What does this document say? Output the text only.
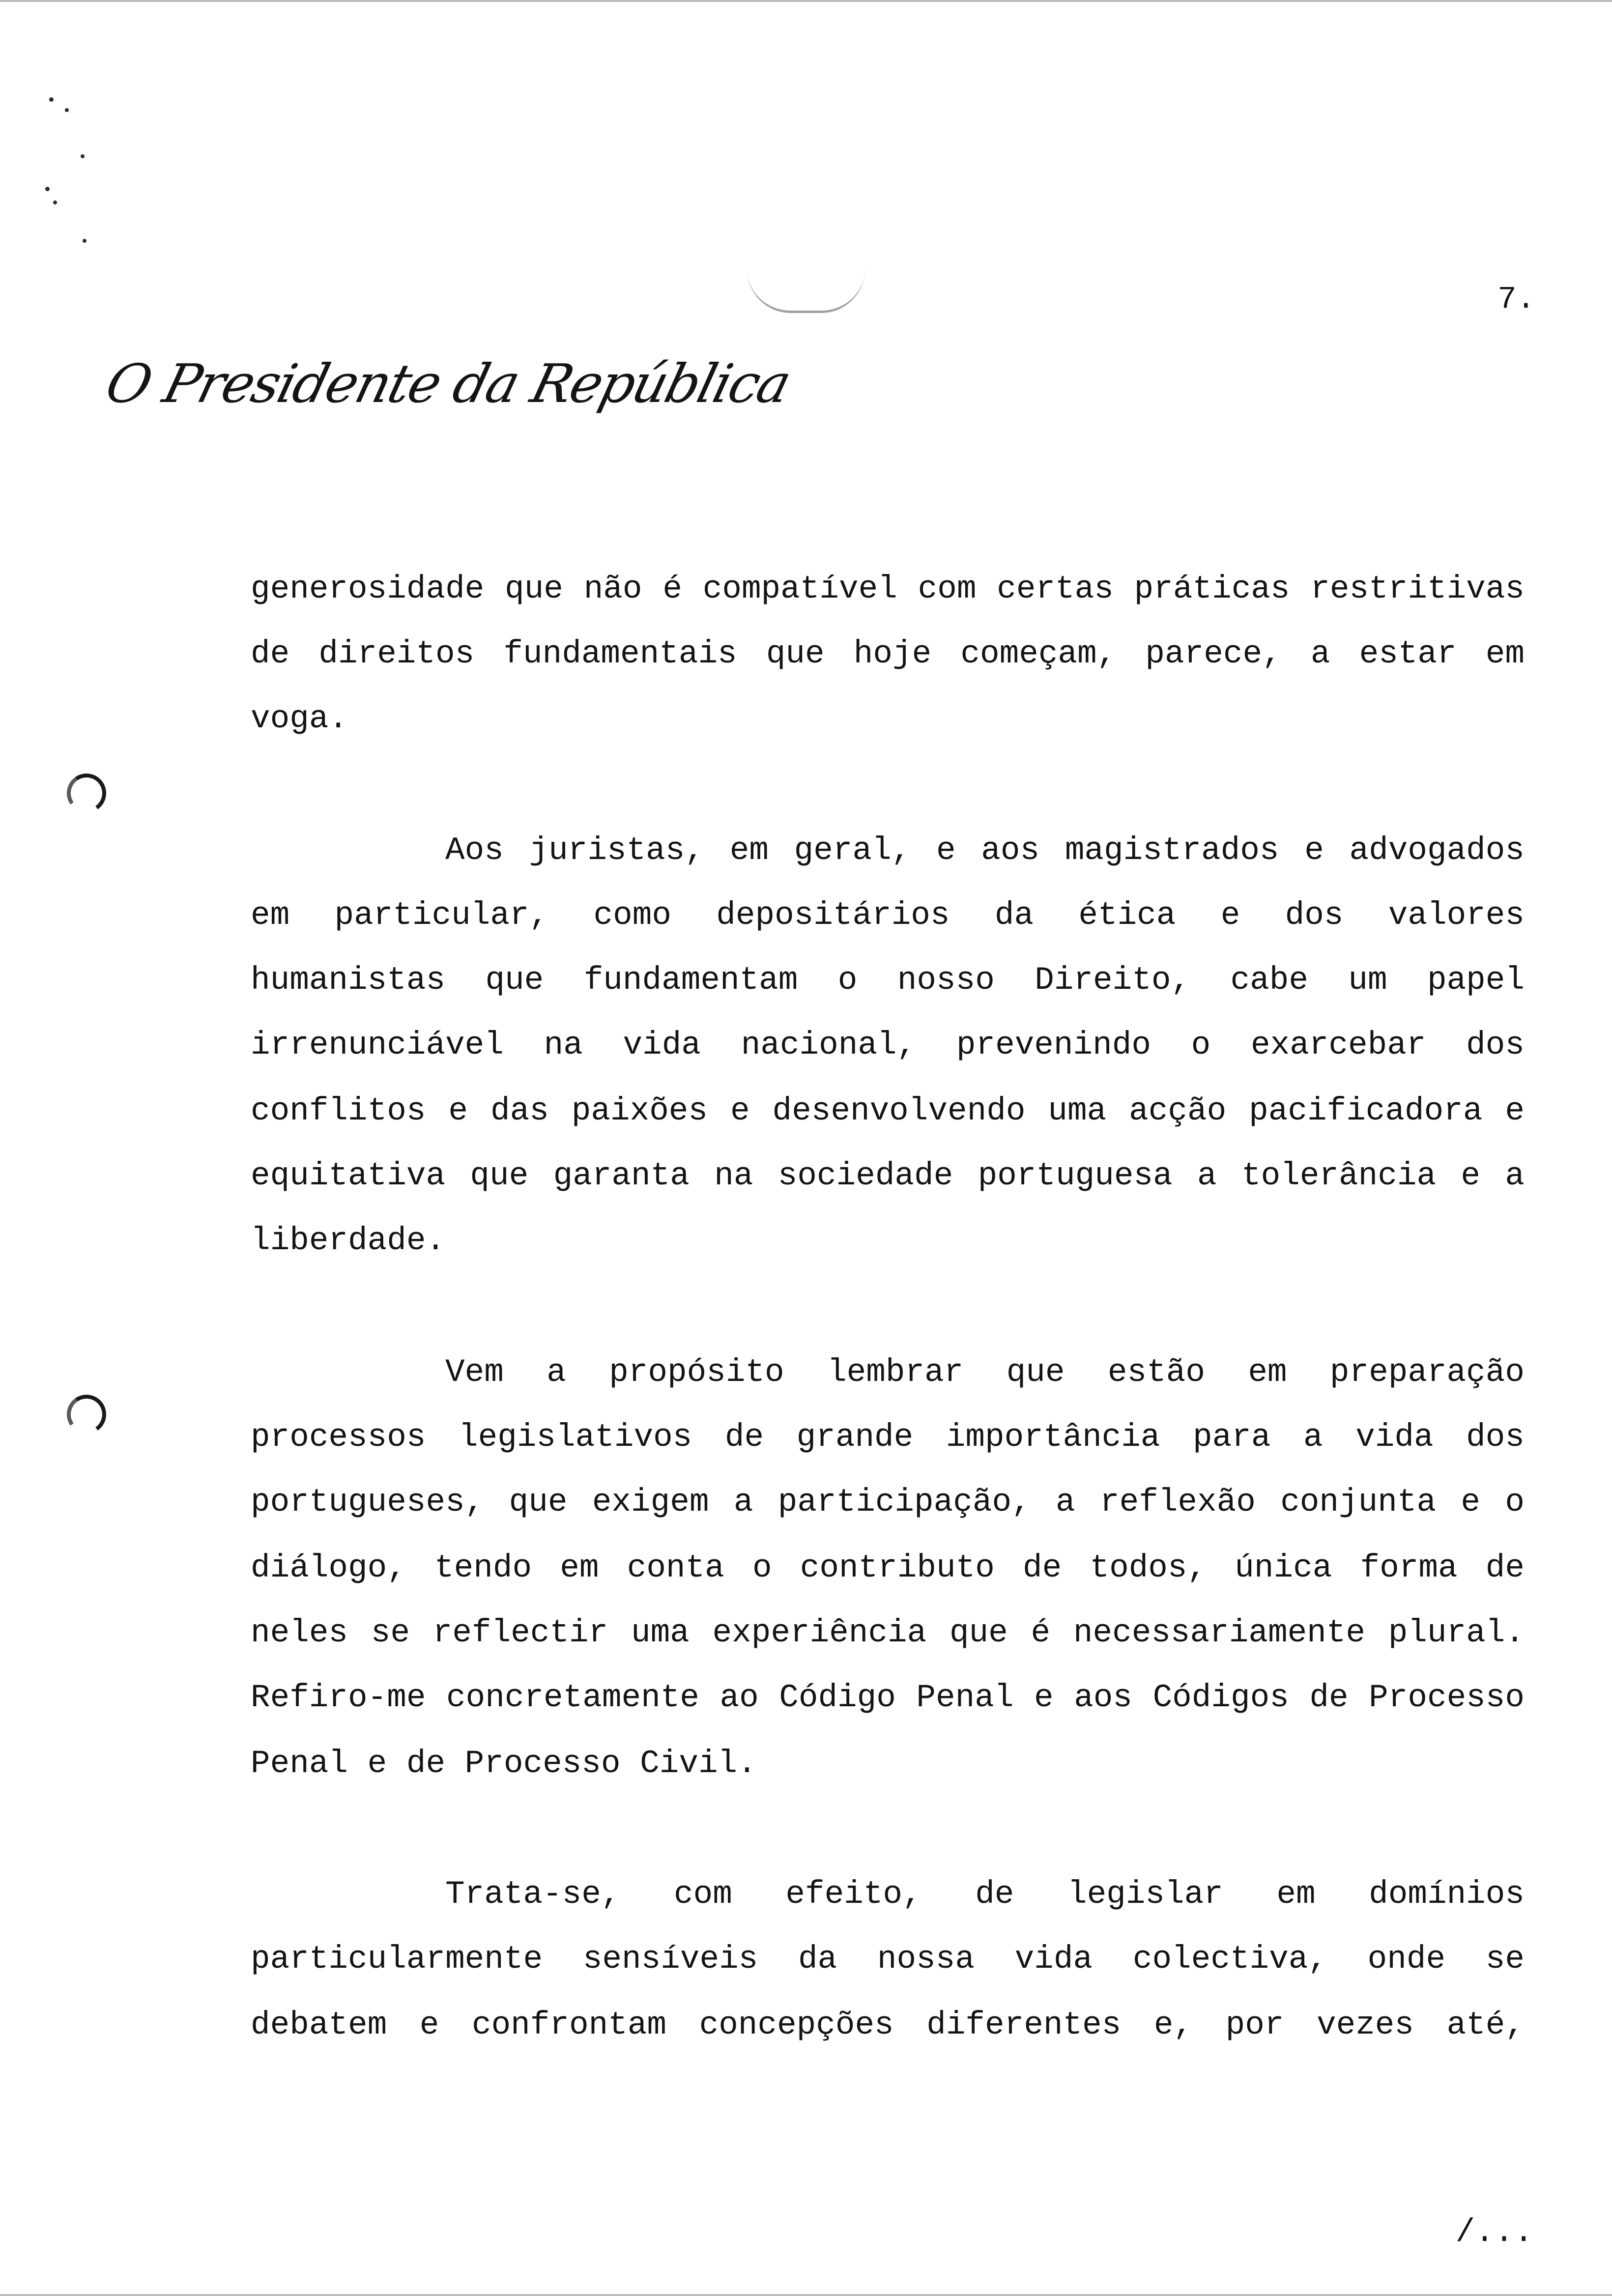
7.
O Presidente da República
generosidade que não é compatível com certas práticas restritivas
de direitos fundamentais que hoje começam, parece, a estar em
voga.
Aos juristas, em geral, e aos magistrados e advogados
em particular, como depositários da ética e dos valores
humanistas que fundamentam o nosso Direito, cabe um papel
irrenunciável na vida nacional, prevenindo o exarcebar dos
conflitos e das paixões e desenvolvendo uma acção pacificadora e
equitativa que garanta na sociedade portuguesa a tolerância e a
liberdade.
Vem a propósito lembrar que estão em preparação
processos legislativos de grande importância para a vida dos
portugueses, que exigem a participação, a reflexão conjunta e o
diálogo, tendo em conta o contributo de todos, única forma de
neles se reflectir uma experiência que é necessariamente plural.
Refiro-me concretamente ao Código Penal e aos Códigos de Processo
Penal e de Processo Civil.
Trata-se, com efeito, de legislar em domínios
particularmente sensíveis da nossa vida colectiva, onde se
debatem e confrontam concepções diferentes e, por vezes até,
/...
